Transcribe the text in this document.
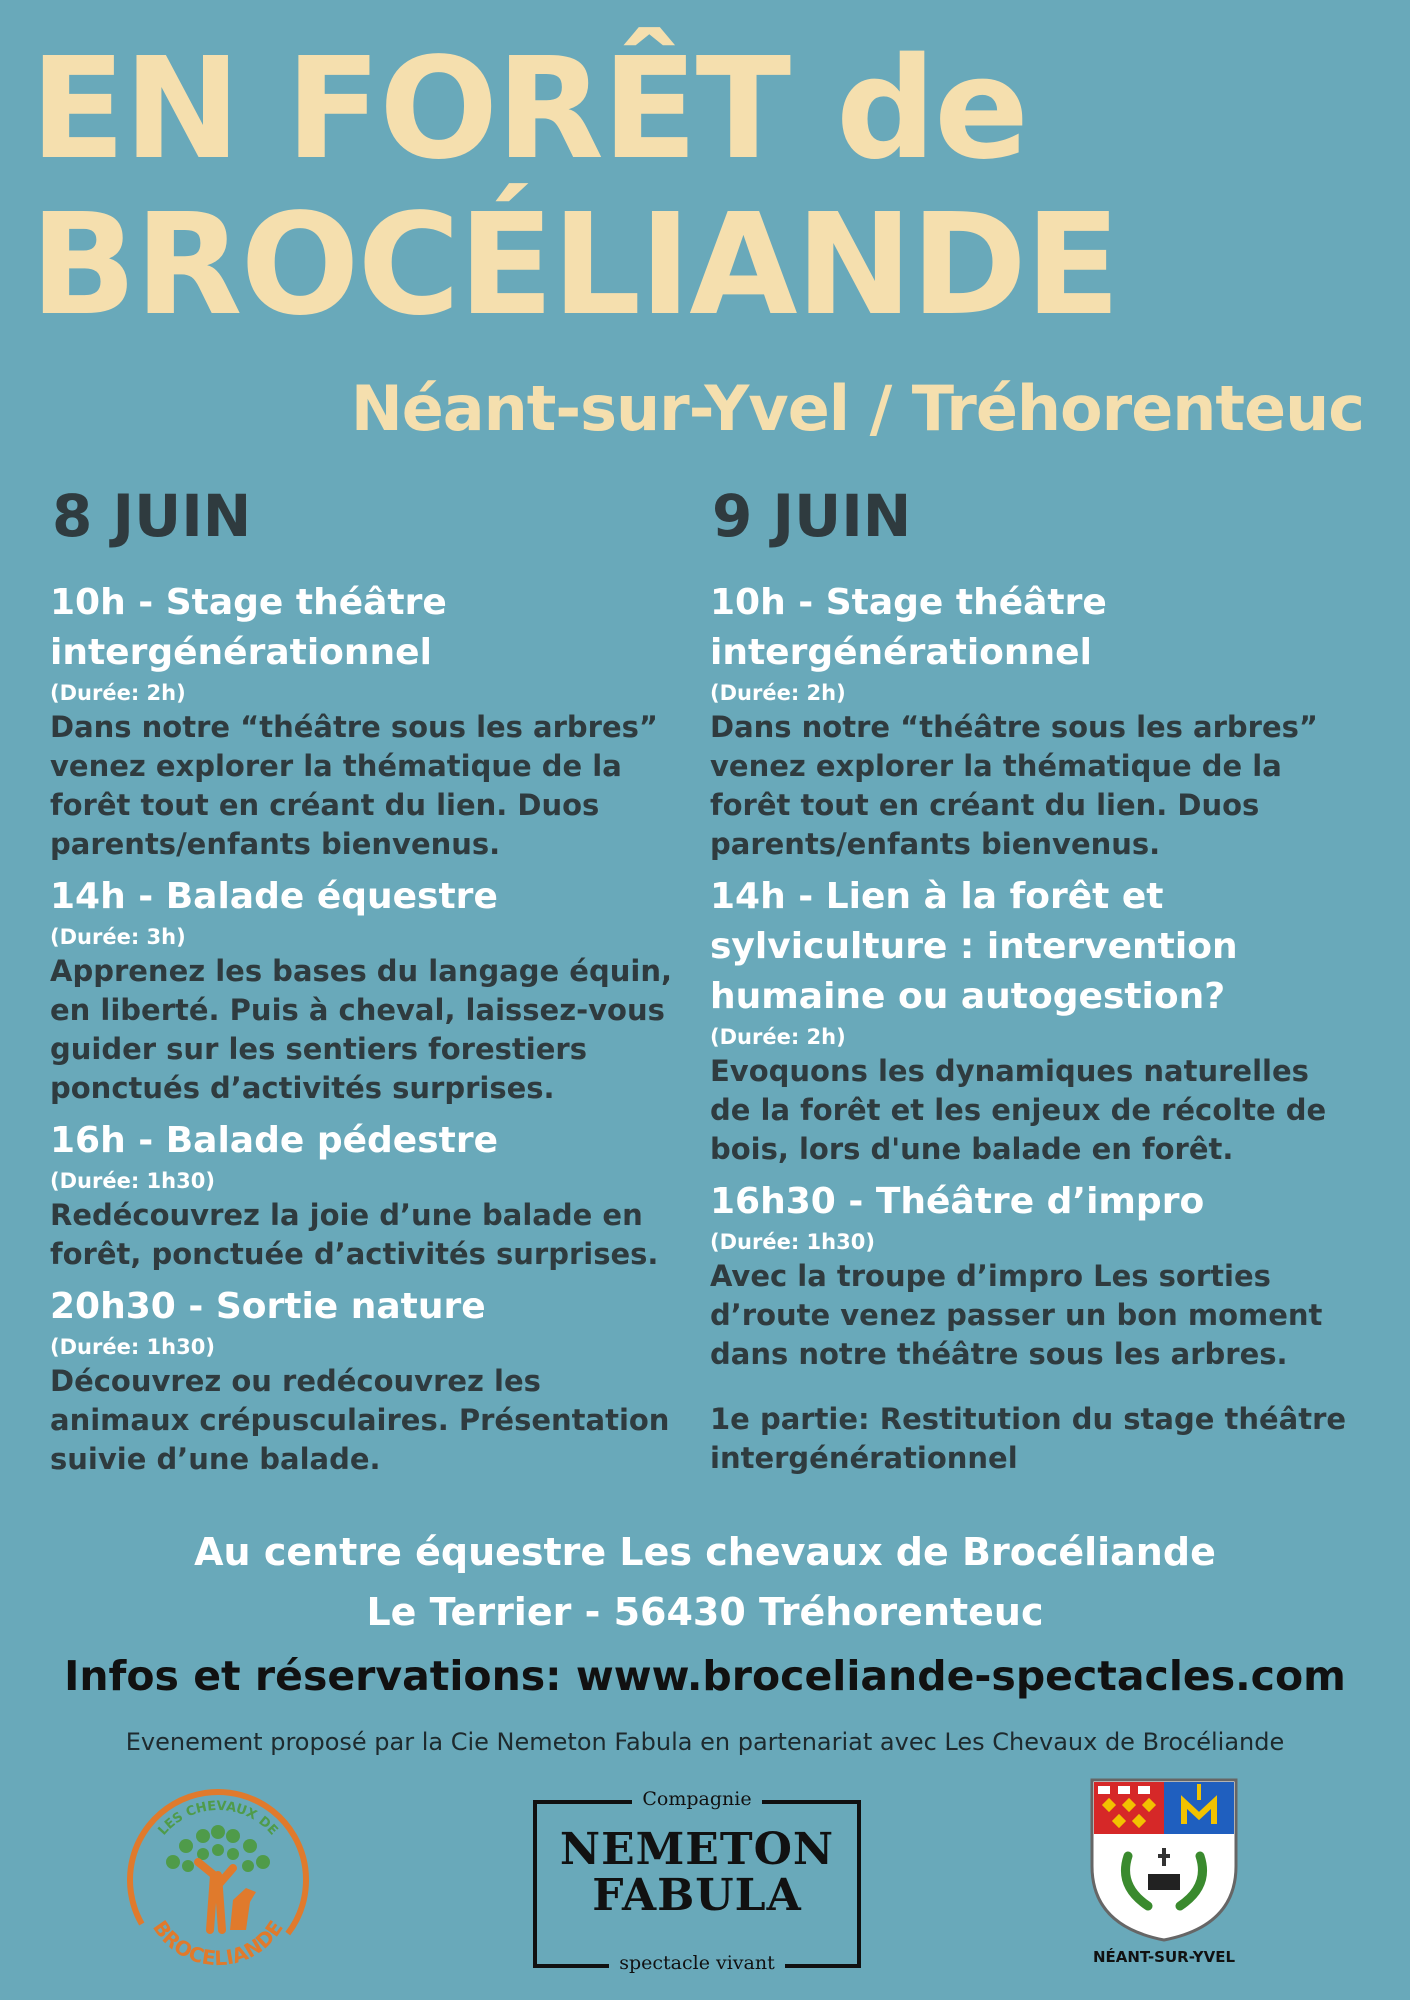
EN FORÊT de
BROCÉLIANDE
Néant-sur-Yvel / Tréhorenteuc
8 JUIN	9 JUIN
10h - Stage théâtre intergénérationnel
(Durée: 2h)
Dans notre “théâtre sous les arbres” venez explorer la thématique de la forêt tout en créant du lien. Duos parents/enfants bienvenus.
14h - Balade équestre
(Durée: 3h)
Apprenez les bases du langage équin, en liberté. Puis à cheval, laissez-vous guider sur les sentiers forestiers ponctués d’activités surprises.
16h - Balade pédestre
(Durée: 1h30)
Redécouvrez la joie d’une balade en forêt, ponctuée d’activités surprises.
20h30 - Sortie nature
(Durée: 1h30)
Découvrez ou redécouvrez les animaux crépusculaires. Présentation suivie d’une balade.
10h - Stage théâtre intergénérationnel
(Durée: 2h)
Dans notre “théâtre sous les arbres” venez explorer la thématique de la forêt tout en créant du lien. Duos parents/enfants bienvenus.
14h - Lien à la forêt et sylviculture : intervention humaine ou autogestion?
(Durée: 2h)
Evoquons les dynamiques naturelles de la forêt et les enjeux de récolte de bois, lors d'une balade en forêt.
16h30 - Théâtre d’impro
(Durée: 1h30)
Avec la troupe d’impro Les sorties d’route venez passer un bon moment dans notre théâtre sous les arbres.
1e partie: Restitution du stage théâtre intergénérationnel
Au centre équestre Les chevaux de Brocéliande
Le Terrier - 56430 Tréhorenteuc
Infos et réservations: www.broceliande-spectacles.com
Evenement proposé par la Cie Nemeton Fabula en partenariat avec Les Chevaux de Brocéliande
LES CHEVAUX DE
BROCELIANDE
Compagnie
NEMETON
FABULA
spectacle vivant	NÉANT-SUR-YVEL
